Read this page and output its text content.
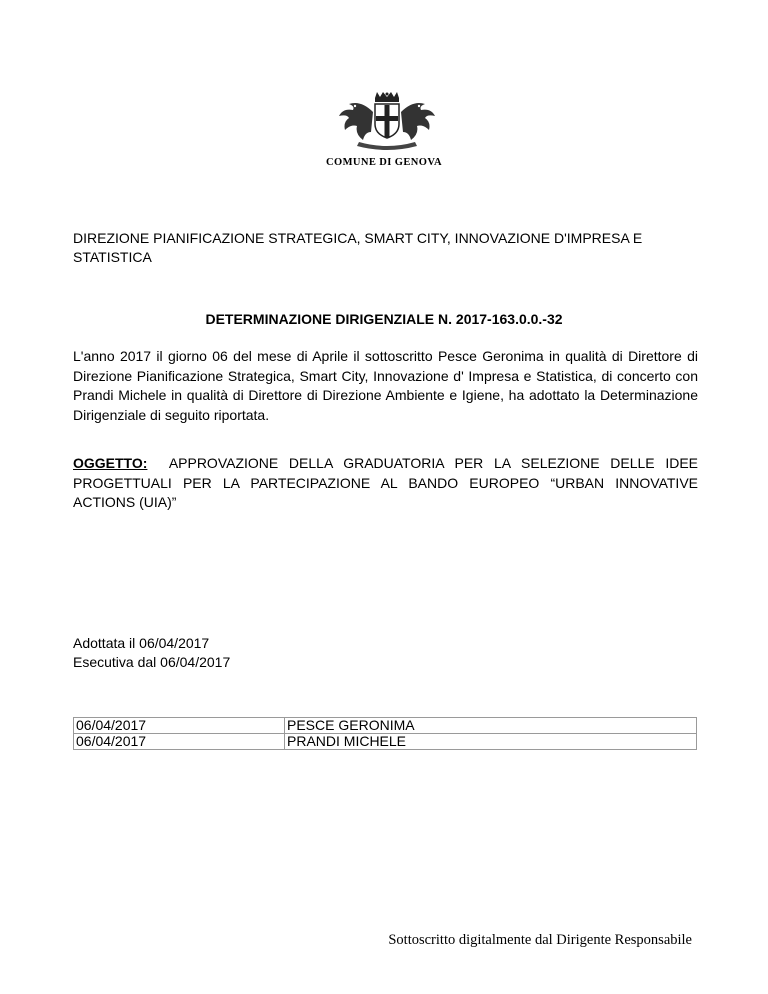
COMUNE DI GENOVA
DIREZIONE PIANIFICAZIONE STRATEGICA, SMART CITY, INNOVAZIONE D'IMPRESA E STATISTICA
DETERMINAZIONE DIRIGENZIALE N. 2017-163.0.0.-32
L'anno 2017 il giorno 06 del mese di Aprile il sottoscritto Pesce Geronima in qualità di Direttore di Direzione Pianificazione Strategica, Smart City, Innovazione d' Impresa e Statistica, di concerto con Prandi Michele in qualità di Direttore di Direzione Ambiente e Igiene, ha adottato la Determinazione Dirigenziale di seguito riportata.
OGGETTO: APPROVAZIONE DELLA GRADUATORIA PER LA SELEZIONE DELLE IDEE PROGETTUALI PER LA PARTECIPAZIONE AL BANDO EUROPEO “URBAN INNOVATIVE ACTIONS (UIA)”
Adottata il 06/04/2017
Esecutiva dal 06/04/2017
06/04/2017	PESCE GERONIMA
06/04/2017	PRANDI MICHELE
Sottoscritto digitalmente dal Dirigente Responsabile
